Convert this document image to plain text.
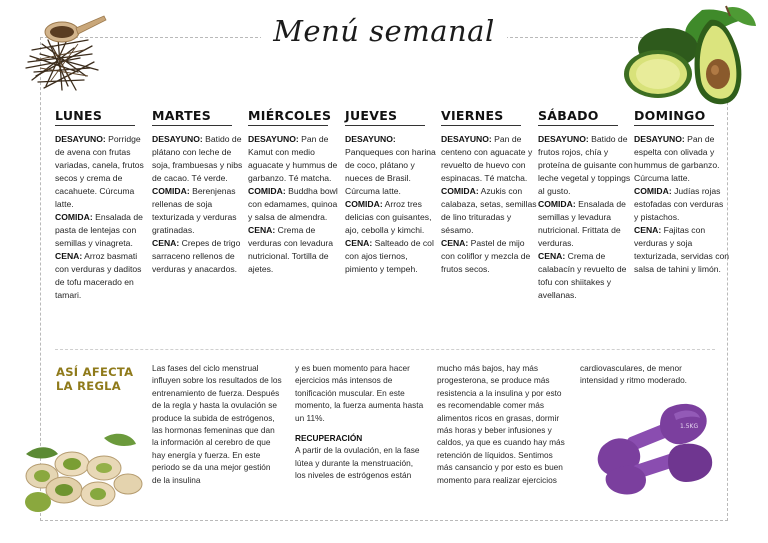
Menú semanal
LUNES
DESAYUNO: Porridge de avena con frutas variadas, canela, frutos secos y crema de cacahuete. Cúrcuma latte.
COMIDA: Ensalada de pasta de lentejas con semillas y vinagreta.
CENA: Arroz basmati con verduras y daditos de tofu macerado en tamari.
MARTES
DESAYUNO: Batido de plátano con leche de soja, frambuesas y nibs de cacao. Té verde.
COMIDA: Berenjenas rellenas de soja texturizada y verduras gratinadas.
CENA: Crepes de trigo sarraceno rellenos de verduras y anacardos.
MIÉRCOLES
DESAYUNO: Pan de Kamut con medio aguacate y hummus de garbanzo. Té matcha.
COMIDA: Buddha bowl con edamames, quinoa y salsa de almendra.
CENA: Crema de verduras con levadura nutricional. Tortilla de ajetes.
JUEVES
DESAYUNO: Panqueques con harina de coco, plátano y nueces de Brasil. Cúrcuma latte.
COMIDA: Arroz tres delicias con guisantes, ajo, cebolla y kimchi.
CENA: Salteado de col con ajos tiernos, pimiento y tempeh.
VIERNES
DESAYUNO: Pan de centeno con aguacate y revuelto de huevo con espinacas. Té matcha.
COMIDA: Azukis con calabaza, setas, semillas de lino trituradas y sésamo.
CENA: Pastel de mijo con coliflor y mezcla de frutos secos.
SÁBADO
DESAYUNO: Batido de frutos rojos, chía y proteína de guisante con leche vegetal y toppings al gusto.
COMIDA: Ensalada de semillas y levadura nutricional. Frittata de verduras.
CENA: Crema de calabacín y revuelto de tofu con shiitakes y avellanas.
DOMINGO
DESAYUNO: Pan de espelta con olivada y hummus de garbanzo. Cúrcuma latte.
COMIDA: Judías rojas estofadas con verduras y pistachos.
CENA: Fajitas con verduras y soja texturizada, servidas con salsa de tahini y limón.
ASÍ AFECTA LA REGLA

Las fases del ciclo menstrual influyen sobre los resultados de los entrenamiento de fuerza. Después de la regla y hasta la ovulación se produce la subida de estrógenos, las hormonas femeninas que dan la información al cerebro de que hay energía y fuerza. En este periodo se da una mejor gestión de la insulina

y es buen momento para hacer ejercicios más intensos de tonificación muscular. En este momento, la fuerza aumenta hasta un 11%.

RECUPERACIÓN

A partir de la ovulación, en la fase lútea y durante la menstruación, los niveles de estrógenos están

mucho más bajos, hay más progesterona, se produce más resistencia a la insulina y por esto es recomendable comer más alimentos ricos en grasas, dormir más horas y beber infusiones y caldos, ya que es cuando hay más retención de líquidos. Sentimos más cansancio y por esto es buen momento para realizar ejercicios

cardiovasculares, de menor intensidad y ritmo moderado.

1.5KG
